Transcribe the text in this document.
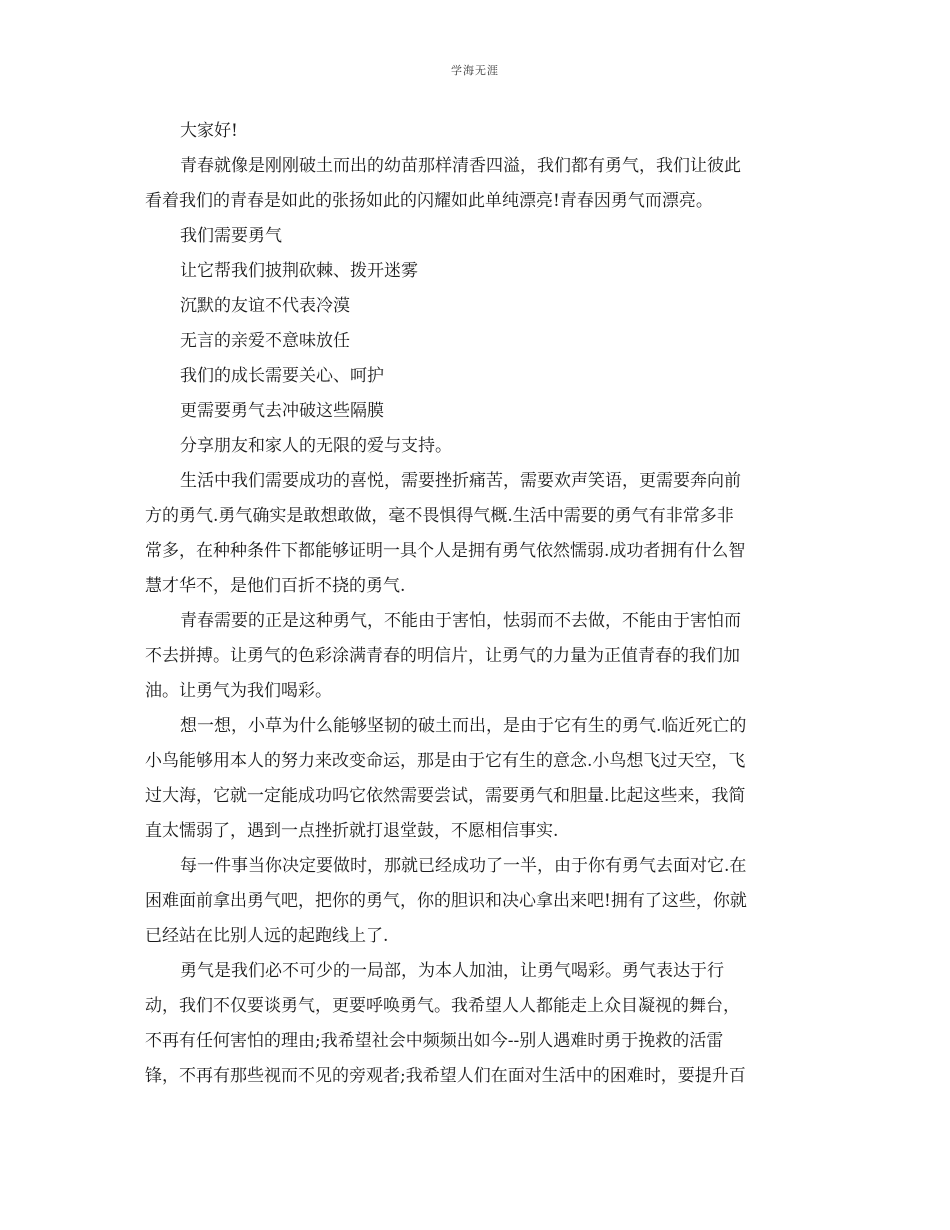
学海无涯
大家好!
青春就像是刚刚破土而出的幼苗那样清香四溢，我们都有勇气，我们让彼此
看着我们的青春是如此的张扬如此的闪耀如此单纯漂亮!青春因勇气而漂亮。
我们需要勇气
让它帮我们披荆砍棘、拨开迷雾
沉默的友谊不代表冷漠
无言的亲爱不意味放任
我们的成长需要关心、呵护
更需要勇气去冲破这些隔膜
分享朋友和家人的无限的爱与支持。
生活中我们需要成功的喜悦，需要挫折痛苦，需要欢声笑语，更需要奔向前
方的勇气.勇气确实是敢想敢做，毫不畏惧得气概.生活中需要的勇气有非常多非
常多，在种种条件下都能够证明一具个人是拥有勇气依然懦弱.成功者拥有什么智
慧才华不，是他们百折不挠的勇气.
青春需要的正是这种勇气，不能由于害怕，怯弱而不去做，不能由于害怕而
不去拼搏。让勇气的色彩涂满青春的明信片，让勇气的力量为正值青春的我们加
油。让勇气为我们喝彩。
想一想，小草为什么能够坚韧的破土而出，是由于它有生的勇气.临近死亡的
小鸟能够用本人的努力来改变命运，那是由于它有生的意念.小鸟想飞过天空，飞
过大海，它就一定能成功吗它依然需要尝试，需要勇气和胆量.比起这些来，我简
直太懦弱了，遇到一点挫折就打退堂鼓，不愿相信事实.
每一件事当你决定要做时，那就已经成功了一半，由于你有勇气去面对它.在
困难面前拿出勇气吧，把你的勇气，你的胆识和决心拿出来吧!拥有了这些，你就
已经站在比别人远的起跑线上了.
勇气是我们必不可少的一局部，为本人加油，让勇气喝彩。勇气表达于行
动，我们不仅要谈勇气，更要呼唤勇气。我希望人人都能走上众目凝视的舞台，
不再有任何害怕的理由;我希望社会中频频出如今--别人遇难时勇于挽救的活雷
锋，不再有那些视而不见的旁观者;我希望人们在面对生活中的困难时，要提升百
